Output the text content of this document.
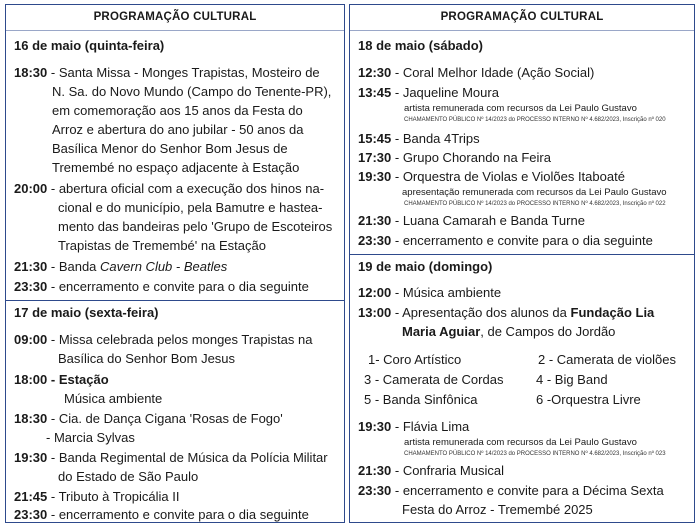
PROGRAMAÇÃO CULTURAL
16 de maio (quinta-feira)
18:30 - Santa Missa - Monges Trapistas, Mosteiro de
N. Sa. do Novo Mundo (Campo do Tenente-PR),
em comemoração aos 15 anos da Festa do
Arroz e abertura do ano jubilar - 50 anos da
Basílica Menor do Senhor Bom Jesus de
Tremembé no espaço adjacente à Estação
20:00 - abertura oficial com a execução dos hinos na-
cional e do município, pela Bamutre e hastea-
mento das bandeiras pelo 'Grupo de Escoteiros
Trapistas de Tremembé' na Estação
21:30 - Banda Cavern Club - Beatles
23:30 - encerramento e convite para o dia seguinte
17 de maio (sexta-feira)
09:00 - Missa celebrada pelos monges Trapistas na
Basílica do Senhor Bom Jesus
18:00 - Estação
Música ambiente
18:30 - Cia. de Dança Cigana 'Rosas de Fogo'
- Marcia Sylvas
19:30 - Banda Regimental de Música da Polícia Militar
do Estado de São Paulo
21:45 - Tributo à Tropicália II
23:30 - encerramento e convite para o dia seguinte
PROGRAMAÇÃO CULTURAL
18 de maio (sábado)
12:30 - Coral Melhor Idade (Ação Social)
13:45 - Jaqueline Moura
artista remunerada com recursos da Lei Paulo Gustavo
CHAMAMENTO PÚBLICO Nº 14/2023 do PROCESSO INTERNO Nº 4.682/2023, Inscrição nº 020
15:45 - Banda 4Trips
17:30 - Grupo Chorando na Feira
19:30 - Orquestra de Violas e Violões Itaboaté
apresentação remunerada com recursos da Lei Paulo Gustavo
CHAMAMENTO PÚBLICO Nº 14/2023 do PROCESSO INTERNO Nº 4.682/2023, Inscrição nº 022
21:30 - Luana Camarah e Banda Turne
23:30 - encerramento e convite para o dia seguinte
19 de maio (domingo)
12:00 - Música ambiente
13:00 - Apresentação dos alunos da Fundação Lia
Maria Aguiar, de Campos do Jordão
1- Coro Artístico	2 - Camerata de violões
3 - Camerata de Cordas	4 - Big Band
5 - Banda Sinfônica	6 -Orquestra Livre
19:30 - Flávia Lima
artista remunerada com recursos da Lei Paulo Gustavo
CHAMAMENTO PÚBLICO Nº 14/2023 do PROCESSO INTERNO Nº 4.682/2023, Inscrição nº 023
21:30 - Confraria Musical
23:30 - encerramento e convite para a Décima Sexta
Festa do Arroz - Tremembé 2025
